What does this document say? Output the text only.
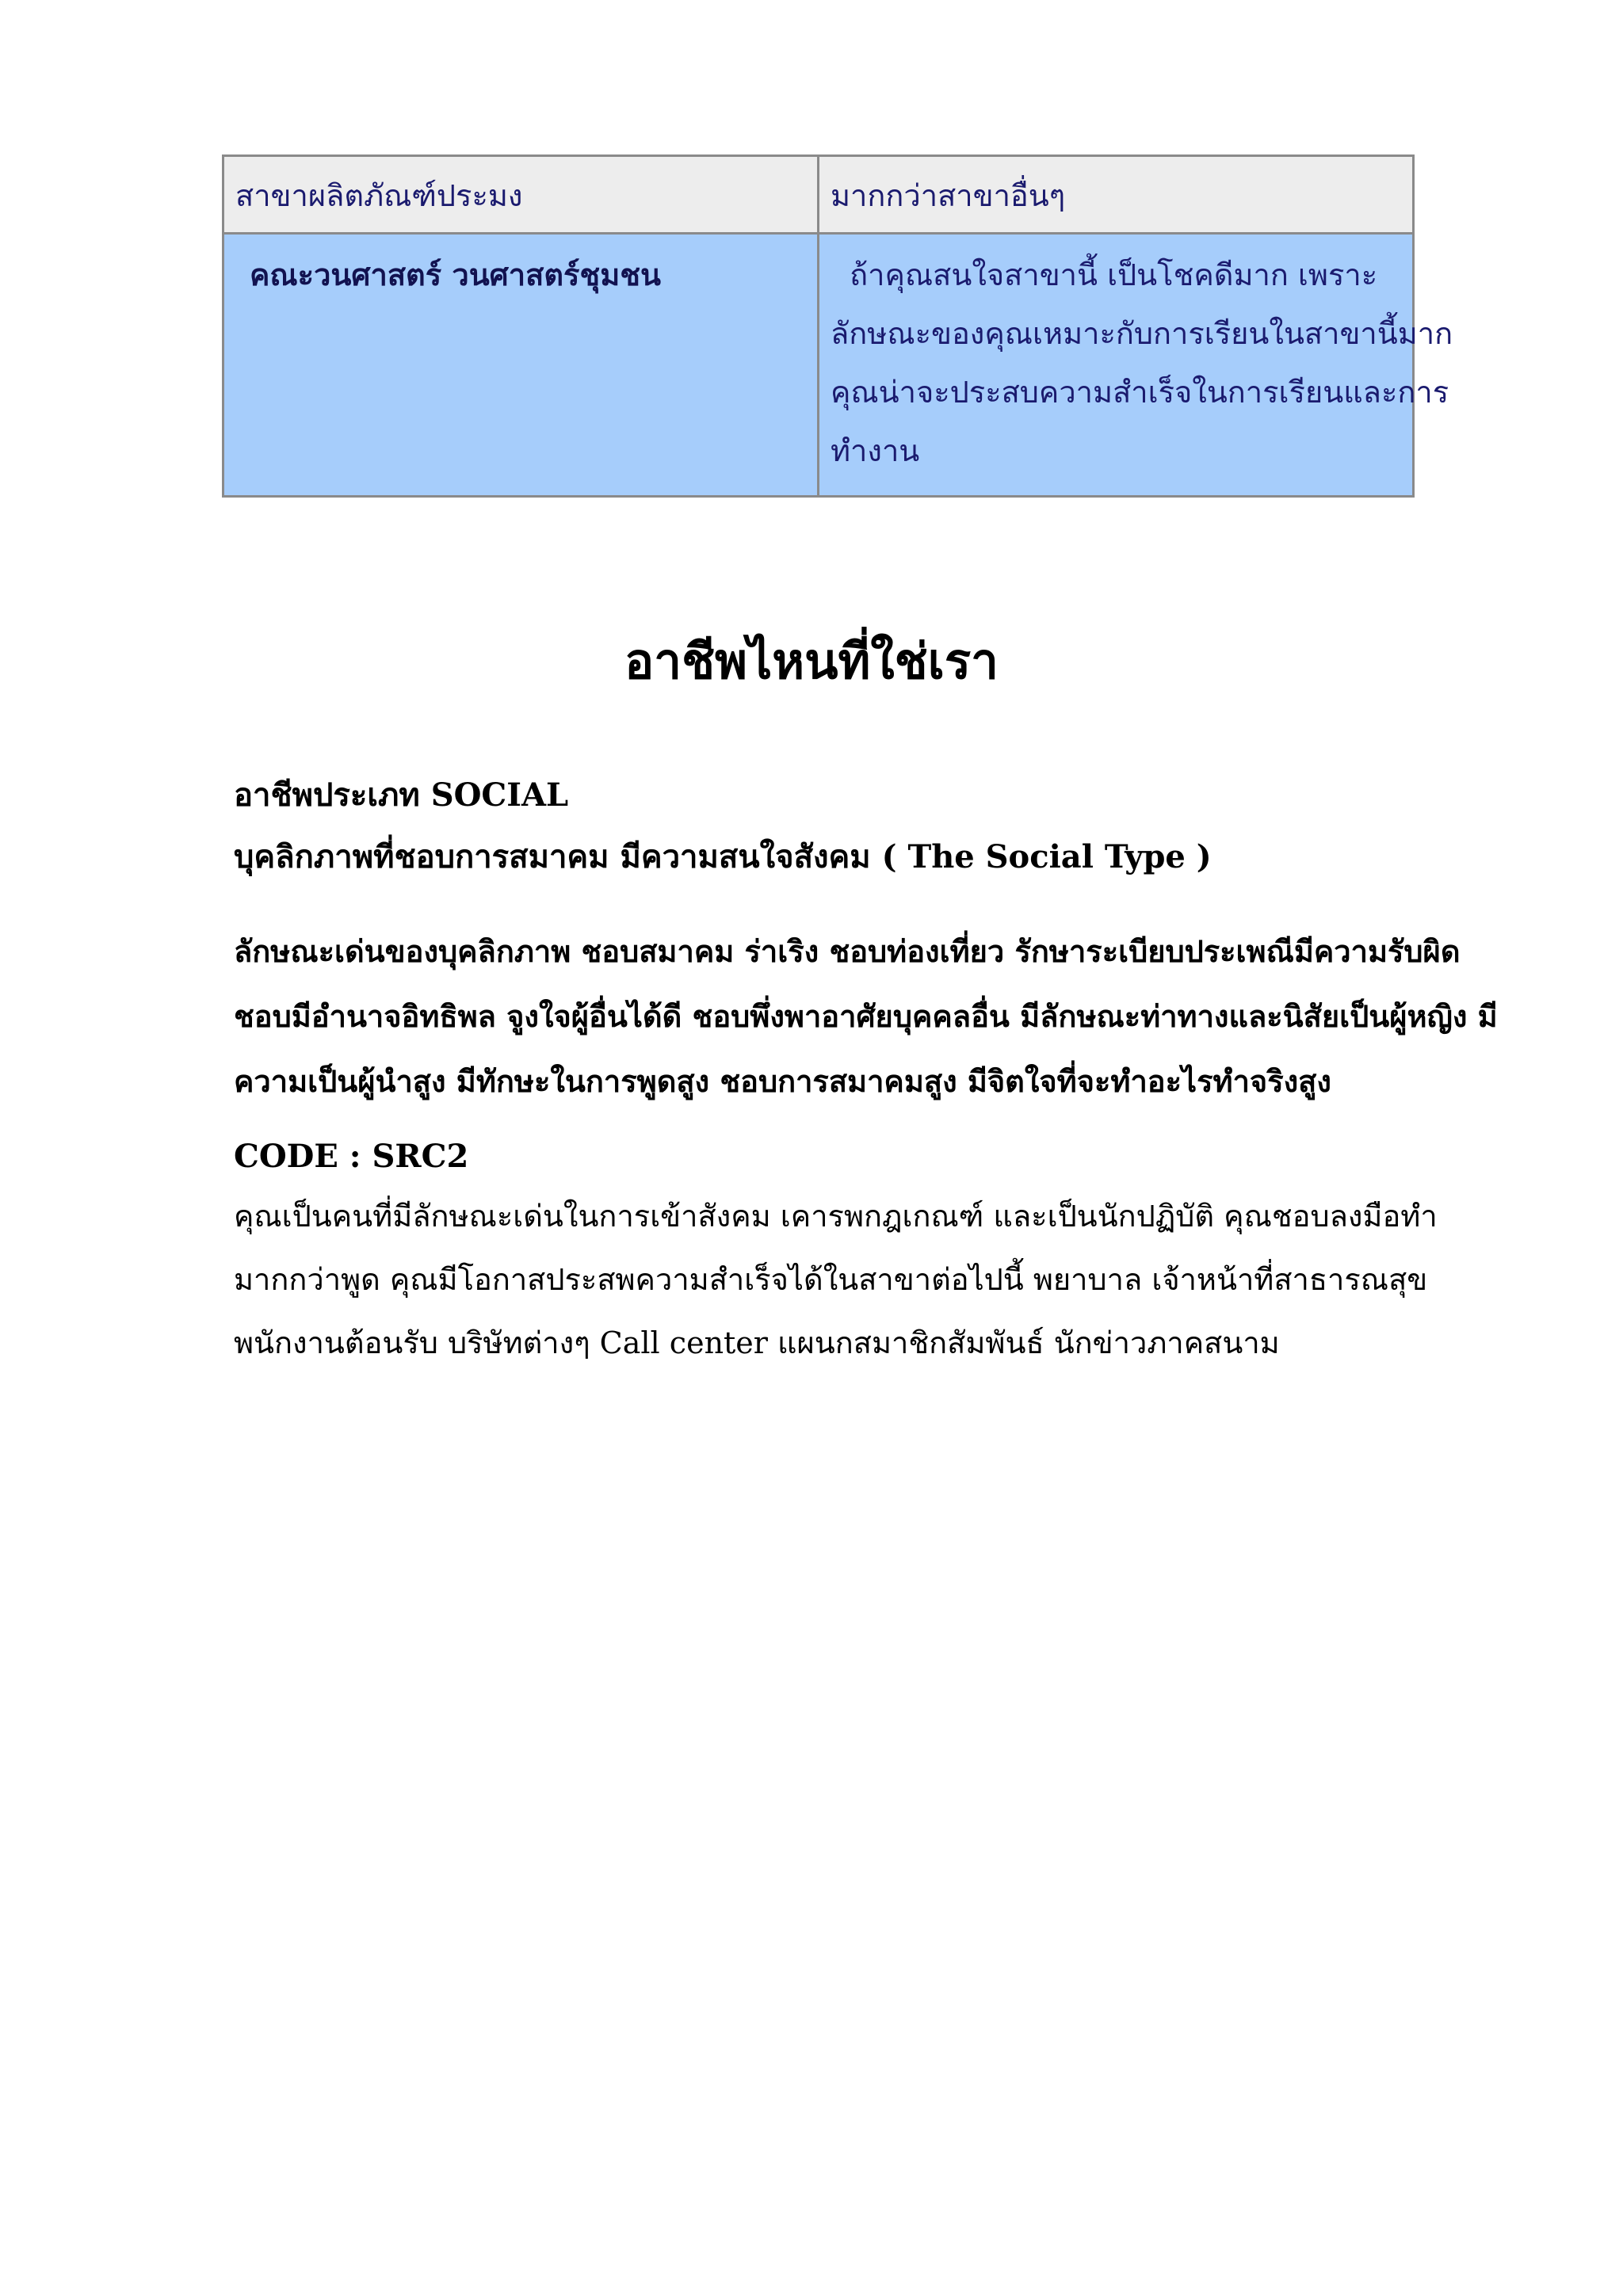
สาขาผลิตภัณฑ์ประมง	มากกว่าสาขาอื่นๆ
คณะวนศาสตร์ วนศาสตร์ชุมชน	ถ้าคุณสนใจสาขานี้ เป็นโชคดีมาก เพราะ
ลักษณะของคุณเหมาะกับการเรียนในสาขานี้มาก
คุณน่าจะประสบความสำเร็จในการเรียนและการ
ทำงาน
อาชีพไหนที่ใช่เรา
อาชีพประเภท SOCIAL
บุคลิกภาพที่ชอบการสมาคม มีความสนใจสังคม ( The Social Type )
ลักษณะเด่นของบุคลิกภาพ ชอบสมาคม ร่าเริง ชอบท่องเที่ยว รักษาระเบียบประเพณีมีความรับผิด
ชอบมีอำนาจอิทธิพล จูงใจผู้อื่นได้ดี ชอบพึ่งพาอาศัยบุคคลอื่น มีลักษณะท่าทางและนิสัยเป็นผู้หญิง มี
ความเป็นผู้นำสูง มีทักษะในการพูดสูง ชอบการสมาคมสูง มีจิตใจที่จะทำอะไรทำจริงสูง
CODE : SRC2
คุณเป็นคนที่มีลักษณะเด่นในการเข้าสังคม เคารพกฎเกณฑ์ และเป็นนักปฏิบัติ คุณชอบลงมือทำ
มากกว่าพูด คุณมีโอกาสประสพความสำเร็จได้ในสาขาต่อไปนี้ พยาบาล เจ้าหน้าที่สาธารณสุข
พนักงานต้อนรับ บริษัทต่างๆ Call center แผนกสมาชิกสัมพันธ์ นักข่าวภาคสนาม
